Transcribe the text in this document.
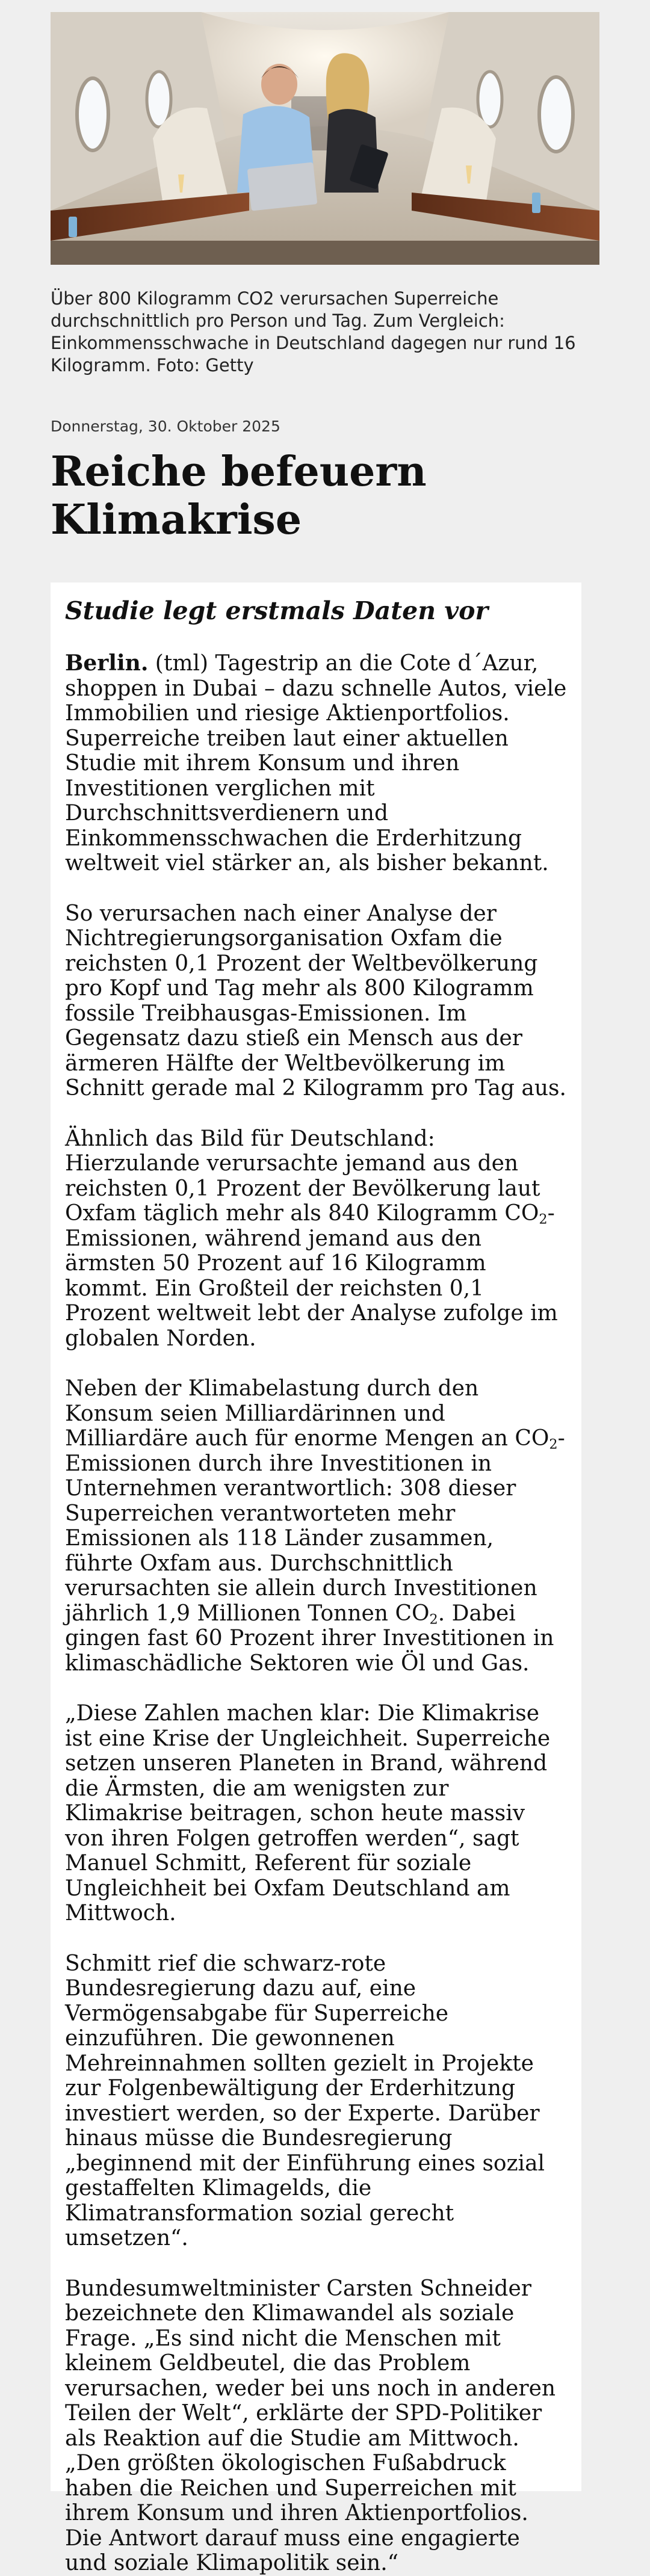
Über 800 Kilogramm CO2 verursachen Superreiche durchschnittlich pro Person und Tag. Zum Vergleich: Einkommensschwache in Deutschland dagegen nur rund 16 Kilogramm. Foto: Getty

Donnerstag, 30. Oktober 2025
Reiche befeuern Klimakrise
Studie legt erstmals Daten vor

Berlin. (tml) Tagestrip an die Cote d´Azur, shoppen in Dubai – dazu schnelle Autos, viele Immobilien und riesige Aktienportfolios. Superreiche treiben laut einer aktuellen Studie mit ihrem Konsum und ihren Investitionen verglichen mit Durchschnittsverdienern und Einkommensschwachen die Erderhitzung weltweit viel stärker an, als bisher bekannt.

So verursachen nach einer Analyse der Nichtregierungsorganisation Oxfam die reichsten 0,1 Prozent der Weltbevölkerung pro Kopf und Tag mehr als 800 Kilogramm fossile Treibhausgas-Emissionen. Im Gegensatz dazu stieß ein Mensch aus der ärmeren Hälfte der Weltbevölkerung im Schnitt gerade mal 2 Kilogramm pro Tag aus.

Ähnlich das Bild für Deutschland: Hierzulande verursachte jemand aus den reichsten 0,1 Prozent der Bevölkerung laut Oxfam täglich mehr als 840 Kilogramm $CO_2$-Emissionen, während jemand aus den ärmsten 50 Prozent auf 16 Kilogramm kommt. Ein Großteil der reichsten 0,1 Prozent weltweit lebt der Analyse zufolge im globalen Norden.

Neben der Klimabelastung durch den Konsum seien Milliardärinnen und Milliardäre auch für enorme Mengen an $CO_2$-Emissionen durch ihre Investitionen in Unternehmen verantwortlich: 308 dieser Superreichen verantworteten mehr Emissionen als 118 Länder zusammen, führte Oxfam aus. Durchschnittlich verursachten sie allein durch Investitionen jährlich 1,9 Millionen Tonnen $CO_2$. Dabei gingen fast 60 Prozent ihrer Investitionen in klimaschädliche Sektoren wie Öl und Gas.

„Diese Zahlen machen klar: Die Klimakrise ist eine Krise der Ungleichheit. Superreiche setzen unseren Planeten in Brand, während die Ärmsten, die am wenigsten zur Klimakrise beitragen, schon heute massiv von ihren Folgen getroffen werden“, sagt Manuel Schmitt, Referent für soziale Ungleichheit bei Oxfam Deutschland am Mittwoch.

Schmitt rief die schwarz-rote Bundesregierung dazu auf, eine Vermögensabgabe für Superreiche einzuführen. Die gewonnenen Mehreinnahmen sollten gezielt in Projekte zur Folgenbewältigung der Erderhitzung investiert werden, so der Experte. Darüber hinaus müsse die Bundesregierung „beginnend mit der Einführung eines sozial gestaffelten Klimagelds, die Klimatransformation sozial gerecht umsetzen“.

Bundesumweltminister Carsten Schneider bezeichnete den Klimawandel als soziale Frage. „Es sind nicht die Menschen mit kleinem Geldbeutel, die das Problem verursachen, weder bei uns noch in anderen Teilen der Welt“, erklärte der SPD-Politiker als Reaktion auf die Studie am Mittwoch. „Den größten ökologischen Fußabdruck haben die Reichen und Superreichen mit ihrem Konsum und ihren Aktienportfolios. Die Antwort darauf muss eine engagierte und soziale Klimapolitik sein.“
